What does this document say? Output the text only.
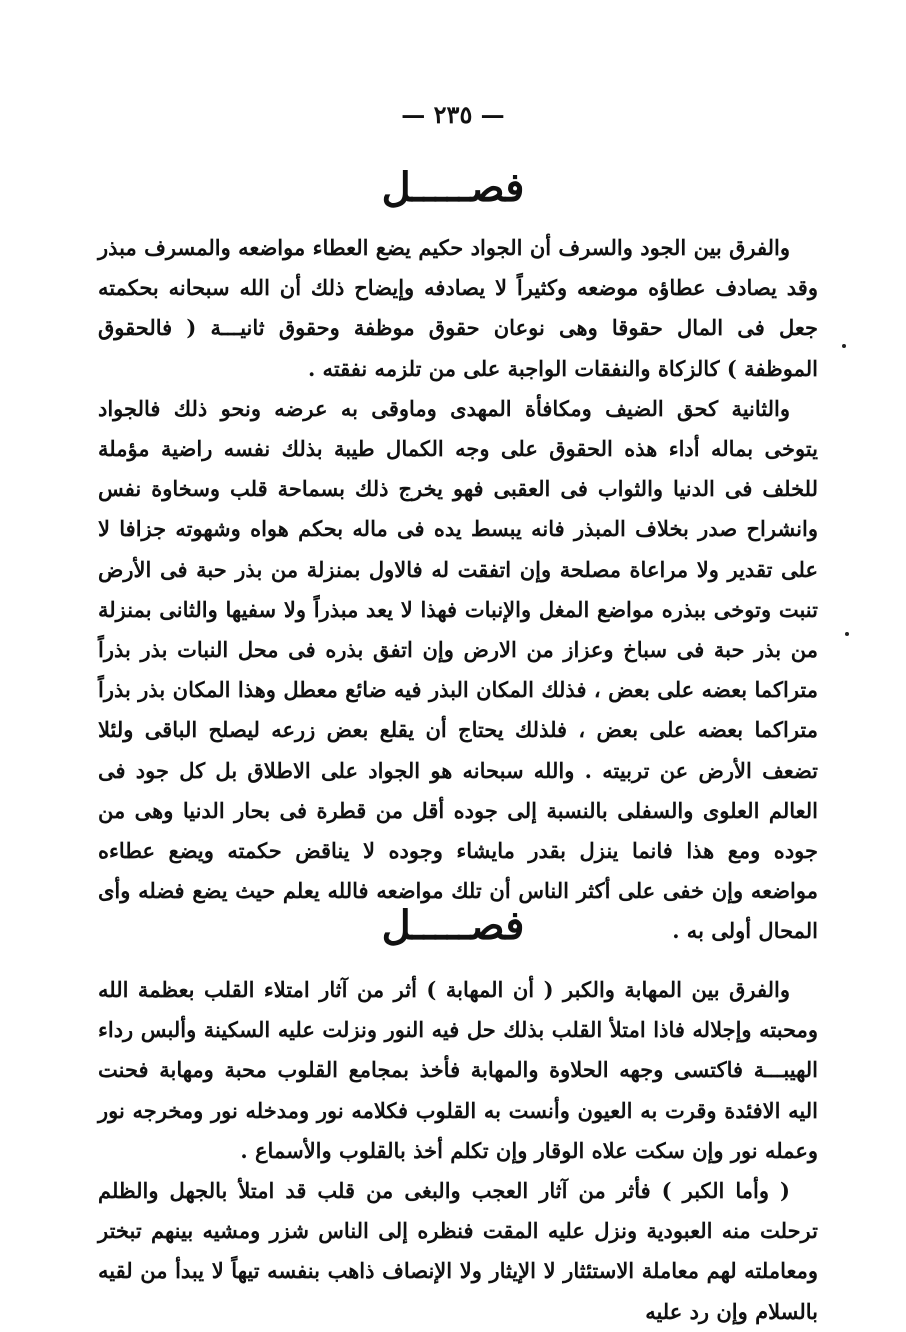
— ٢٣٥ —
فصـــــل

والفرق بين الجود والسرف أن الجواد حكيم يضع العطاء مواضعه والمسرف مبذر وقد يصادف عطاؤه موضعه وكثيراً لا يصادفه وإيضاح ذلك أن الله سبحانه بحكمته جعل فى المال حقوقا وهى نوعان حقوق موظفة وحقوق ثانيـــة ( فالحقوق الموظفة ) كالزكاة والنفقات الواجبة على من تلزمه نفقته .

والثانية كحق الضيف ومكافأة المهدى وماوقى به عرضه ونحو ذلك فالجواد يتوخى بماله أداء هذه الحقوق على وجه الكمال طيبة بذلك نفسه راضية مؤملة للخلف فى الدنيا والثواب فى العقبى فهو يخرج ذلك بسماحة قلب وسخاوة نفس وانشراح صدر بخلاف المبذر فانه يبسط يده فى ماله بحكم هواه وشهوته جزافا لا على تقدير ولا مراعاة مصلحة وإن اتفقت له فالاول بمنزلة من بذر حبة فى الأرض تنبت وتوخى ببذره مواضع المغل والإنبات فهذا لا يعد مبذراً ولا سفيها والثانى بمنزلة من بذر حبة فى سباخ وعزاز من الارض وإن اتفق بذره فى محل النبات بذر بذراً متراكما بعضه على بعض ، فذلك المكان البذر فيه ضائع معطل وهذا المكان بذر بذراً متراكما بعضه على بعض ، فلذلك يحتاج أن يقلع بعض زرعه ليصلح الباقى ولئلا تضعف الأرض عن تربيته . والله سبحانه هو الجواد على الاطلاق بل كل جود فى العالم العلوى والسفلى بالنسبة إلى جوده أقل من قطرة فى بحار الدنيا وهى من جوده ومع هذا فانما ينزل بقدر مايشاء وجوده لا يناقض حكمته ويضع عطاءه مواضعه وإن خفى على أكثر الناس أن تلك مواضعه فالله يعلم حيث يضع فضله وأى المحال أولى به .

فصـــــل

والفرق بين المهابة والكبر ( أن المهابة ) أثر من آثار امتلاء القلب بعظمة الله ومحبته وإجلاله فاذا امتلأ القلب بذلك حل فيه النور ونزلت عليه السكينة وألبس رداء الهيبـــة فاكتسى وجهه الحلاوة والمهابة فأخذ بمجامع القلوب محبة ومهابة فحنت اليه الافئدة وقرت به العيون وأنست به القلوب فكلامه نور ومدخله نور ومخرجه نور وعمله نور وإن سكت علاه الوقار وإن تكلم أخذ بالقلوب والأسماع .

( وأما الكبر ) فأثر من آثار العجب والبغى من قلب قد امتلأ بالجهل والظلم ترحلت منه العبودية ونزل عليه المقت فنظره إلى الناس شزر ومشيه بينهم تبختر ومعاملته لهم معاملة الاستئثار لا الإيثار ولا الإنصاف ذاهب بنفسه تيهاً لا يبدأ من لقيه بالسلام وإن رد عليه
